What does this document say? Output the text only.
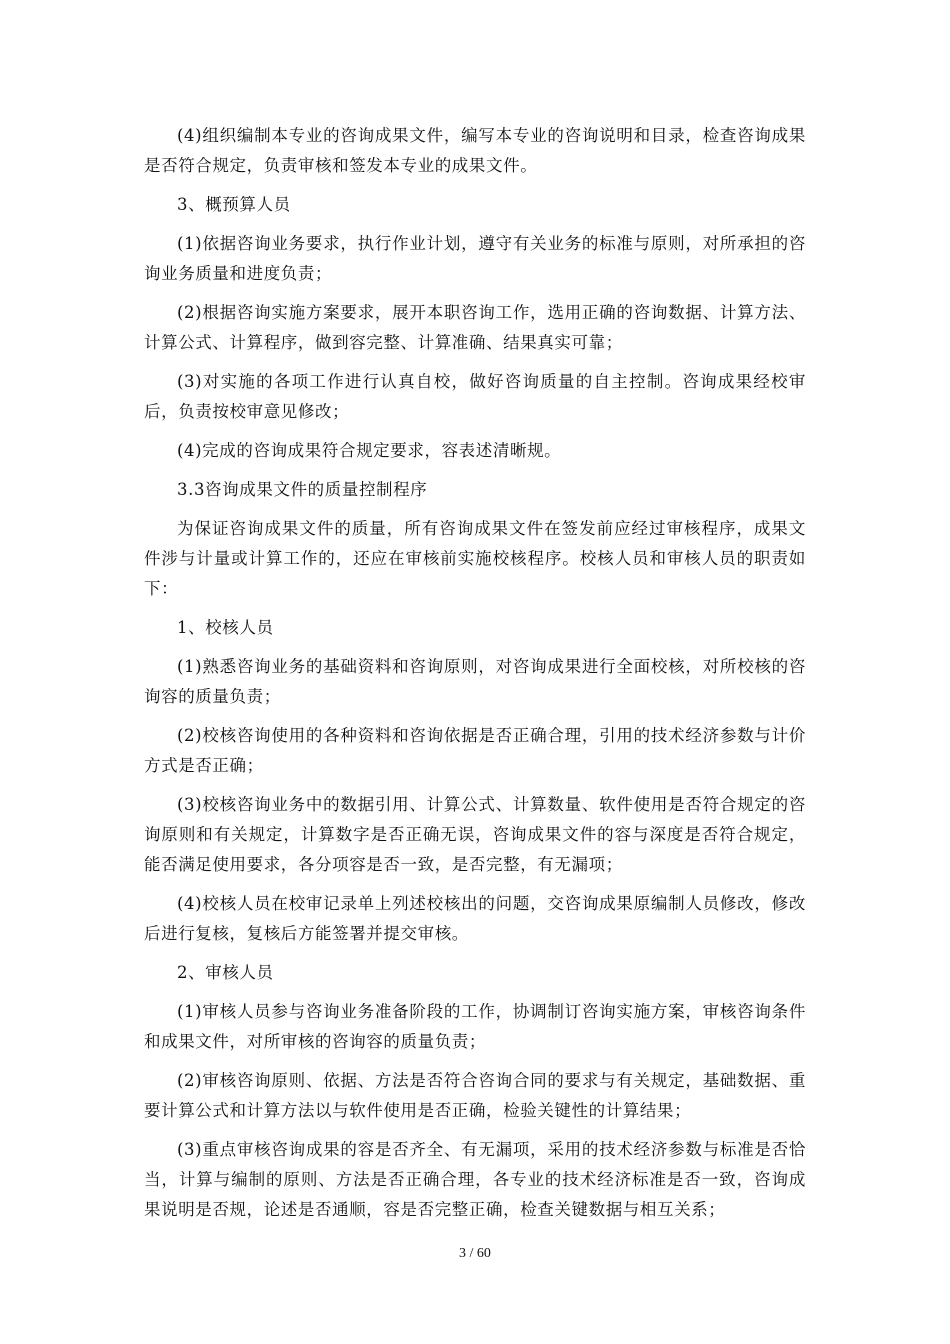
(4)组织编制本专业的咨询成果文件，编写本专业的咨询说明和目录，检查咨询成果是否符合规定，负责审核和签发本专业的成果文件。

3、概预算人员

(1)依据咨询业务要求，执行作业计划，遵守有关业务的标准与原则，对所承担的咨询业务质量和进度负责；

(2)根据咨询实施方案要求，展开本职咨询工作，选用正确的咨询数据、计算方法、计算公式、计算程序，做到容完整、计算准确、结果真实可靠；

(3)对实施的各项工作进行认真自校，做好咨询质量的自主控制。咨询成果经校审后，负责按校审意见修改；

(4)完成的咨询成果符合规定要求，容表述清晰规。

3.3咨询成果文件的质量控制程序

为保证咨询成果文件的质量，所有咨询成果文件在签发前应经过审核程序，成果文件涉与计量或计算工作的，还应在审核前实施校核程序。校核人员和审核人员的职责如下：

1、校核人员

(1)熟悉咨询业务的基础资料和咨询原则，对咨询成果进行全面校核，对所校核的咨询容的质量负责；

(2)校核咨询使用的各种资料和咨询依据是否正确合理，引用的技术经济参数与计价方式是否正确；

(3)校核咨询业务中的数据引用、计算公式、计算数量、软件使用是否符合规定的咨询原则和有关规定，计算数字是否正确无误，咨询成果文件的容与深度是否符合规定，能否满足使用要求，各分项容是否一致，是否完整，有无漏项；

(4)校核人员在校审记录单上列述校核出的问题，交咨询成果原编制人员修改，修改后进行复核，复核后方能签署并提交审核。

2、审核人员

(1)审核人员参与咨询业务准备阶段的工作，协调制订咨询实施方案，审核咨询条件和成果文件，对所审核的咨询容的质量负责；

(2)审核咨询原则、依据、方法是否符合咨询合同的要求与有关规定，基础数据、重要计算公式和计算方法以与软件使用是否正确，检验关键性的计算结果；

(3)重点审核咨询成果的容是否齐全、有无漏项，采用的技术经济参数与标准是否恰当，计算与编制的原则、方法是否正确合理，各专业的技术经济标准是否一致，咨询成果说明是否规，论述是否通顺，容是否完整正确，检查关键数据与相互关系；

3 / 60
